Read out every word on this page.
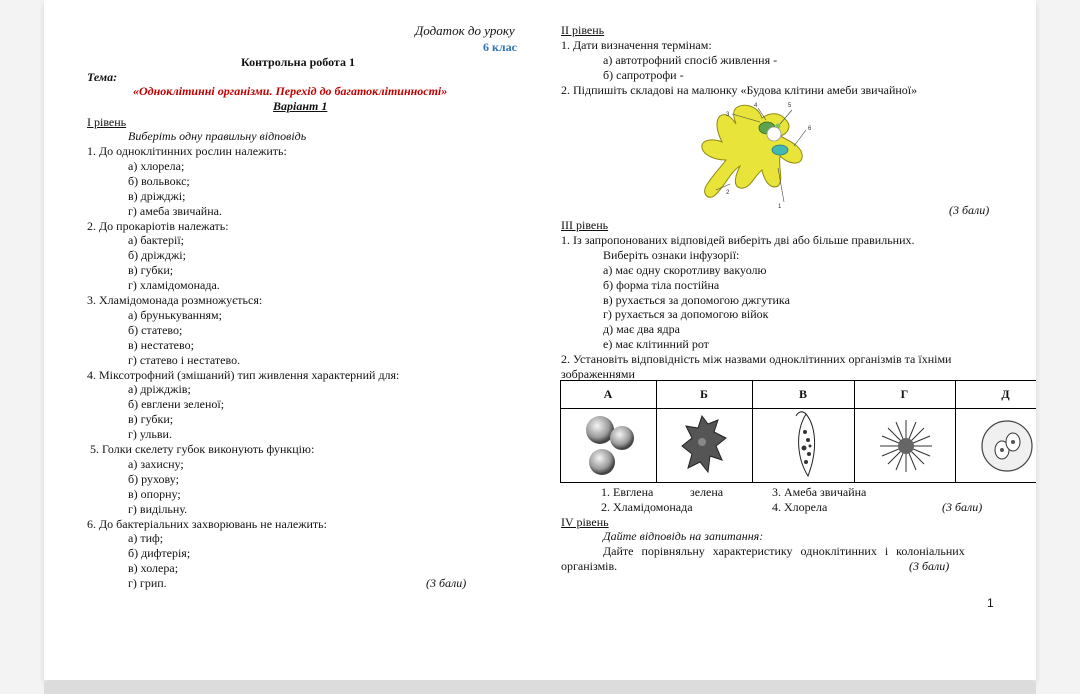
Додаток до уроку
6 клас
Контрольна робота 1
Тема:
«Одноклітинні організми. Перехід до багатоклітинності»
Варіант 1
І рівень
Виберіть одну правильну відповідь
1. До одноклітинних рослин належить:
а) хлорела;
б) вольвокс;
в) дріжджі;
г) амеба звичайна.
2. До прокаріотів належать:
а) бактерії;
б) дріжджі;
в) губки;
г) хламідомонада.
3. Хламідомонада розмножується:
а) брунькуванням;
б) статево;
в) нестатево;
г) статево і нестатево.
4. Міксотрофний (змішаний) тип живлення характерний для:
а) дріжджів;
б) евглени зеленої;
в) губки;
г) ульви.
5. Голки скелету губок виконують функцію:
а) захисну;
б) рухову;
в) опорну;
г) видільну.
6. До бактеріальних захворювань не належить:
а) тиф;
б) дифтерія;
в) холера;
г) грип.	(3 бали)
ІІ рівень
1. Дати визначення термінам:
а) автотрофний спосіб живлення -
б) сапротрофи -
2. Підпишіть складові на малюнку «Будова клітини амеби звичайної»
3
4	5
6
2
1	(3 бали)
ІІІ рівень
1. Із запропонованих відповідей виберіть дві або більше правильних.
Виберіть ознаки інфузорії:
а) має одну скоротливу вакуолю
б) форма тіла постійна
в) рухається за допомогою джгутика
г) рухається за допомогою війок
д) має два ядра
е) має клітинний рот
2. Установіть відповідність між назвами одноклітинних організмів та їхніми
зображеннями
А	Б	В	Г	Д
1. Евглена	зелена	3. Амеба звичайна
2. Хламідомонада	4. Хлорела	(3 бали)
IV рівень
Дайте відповідь на запитання:
Дайте порівняльну характеристику одноклітинних і колоніальних
організмів.	(3 бали)
1
